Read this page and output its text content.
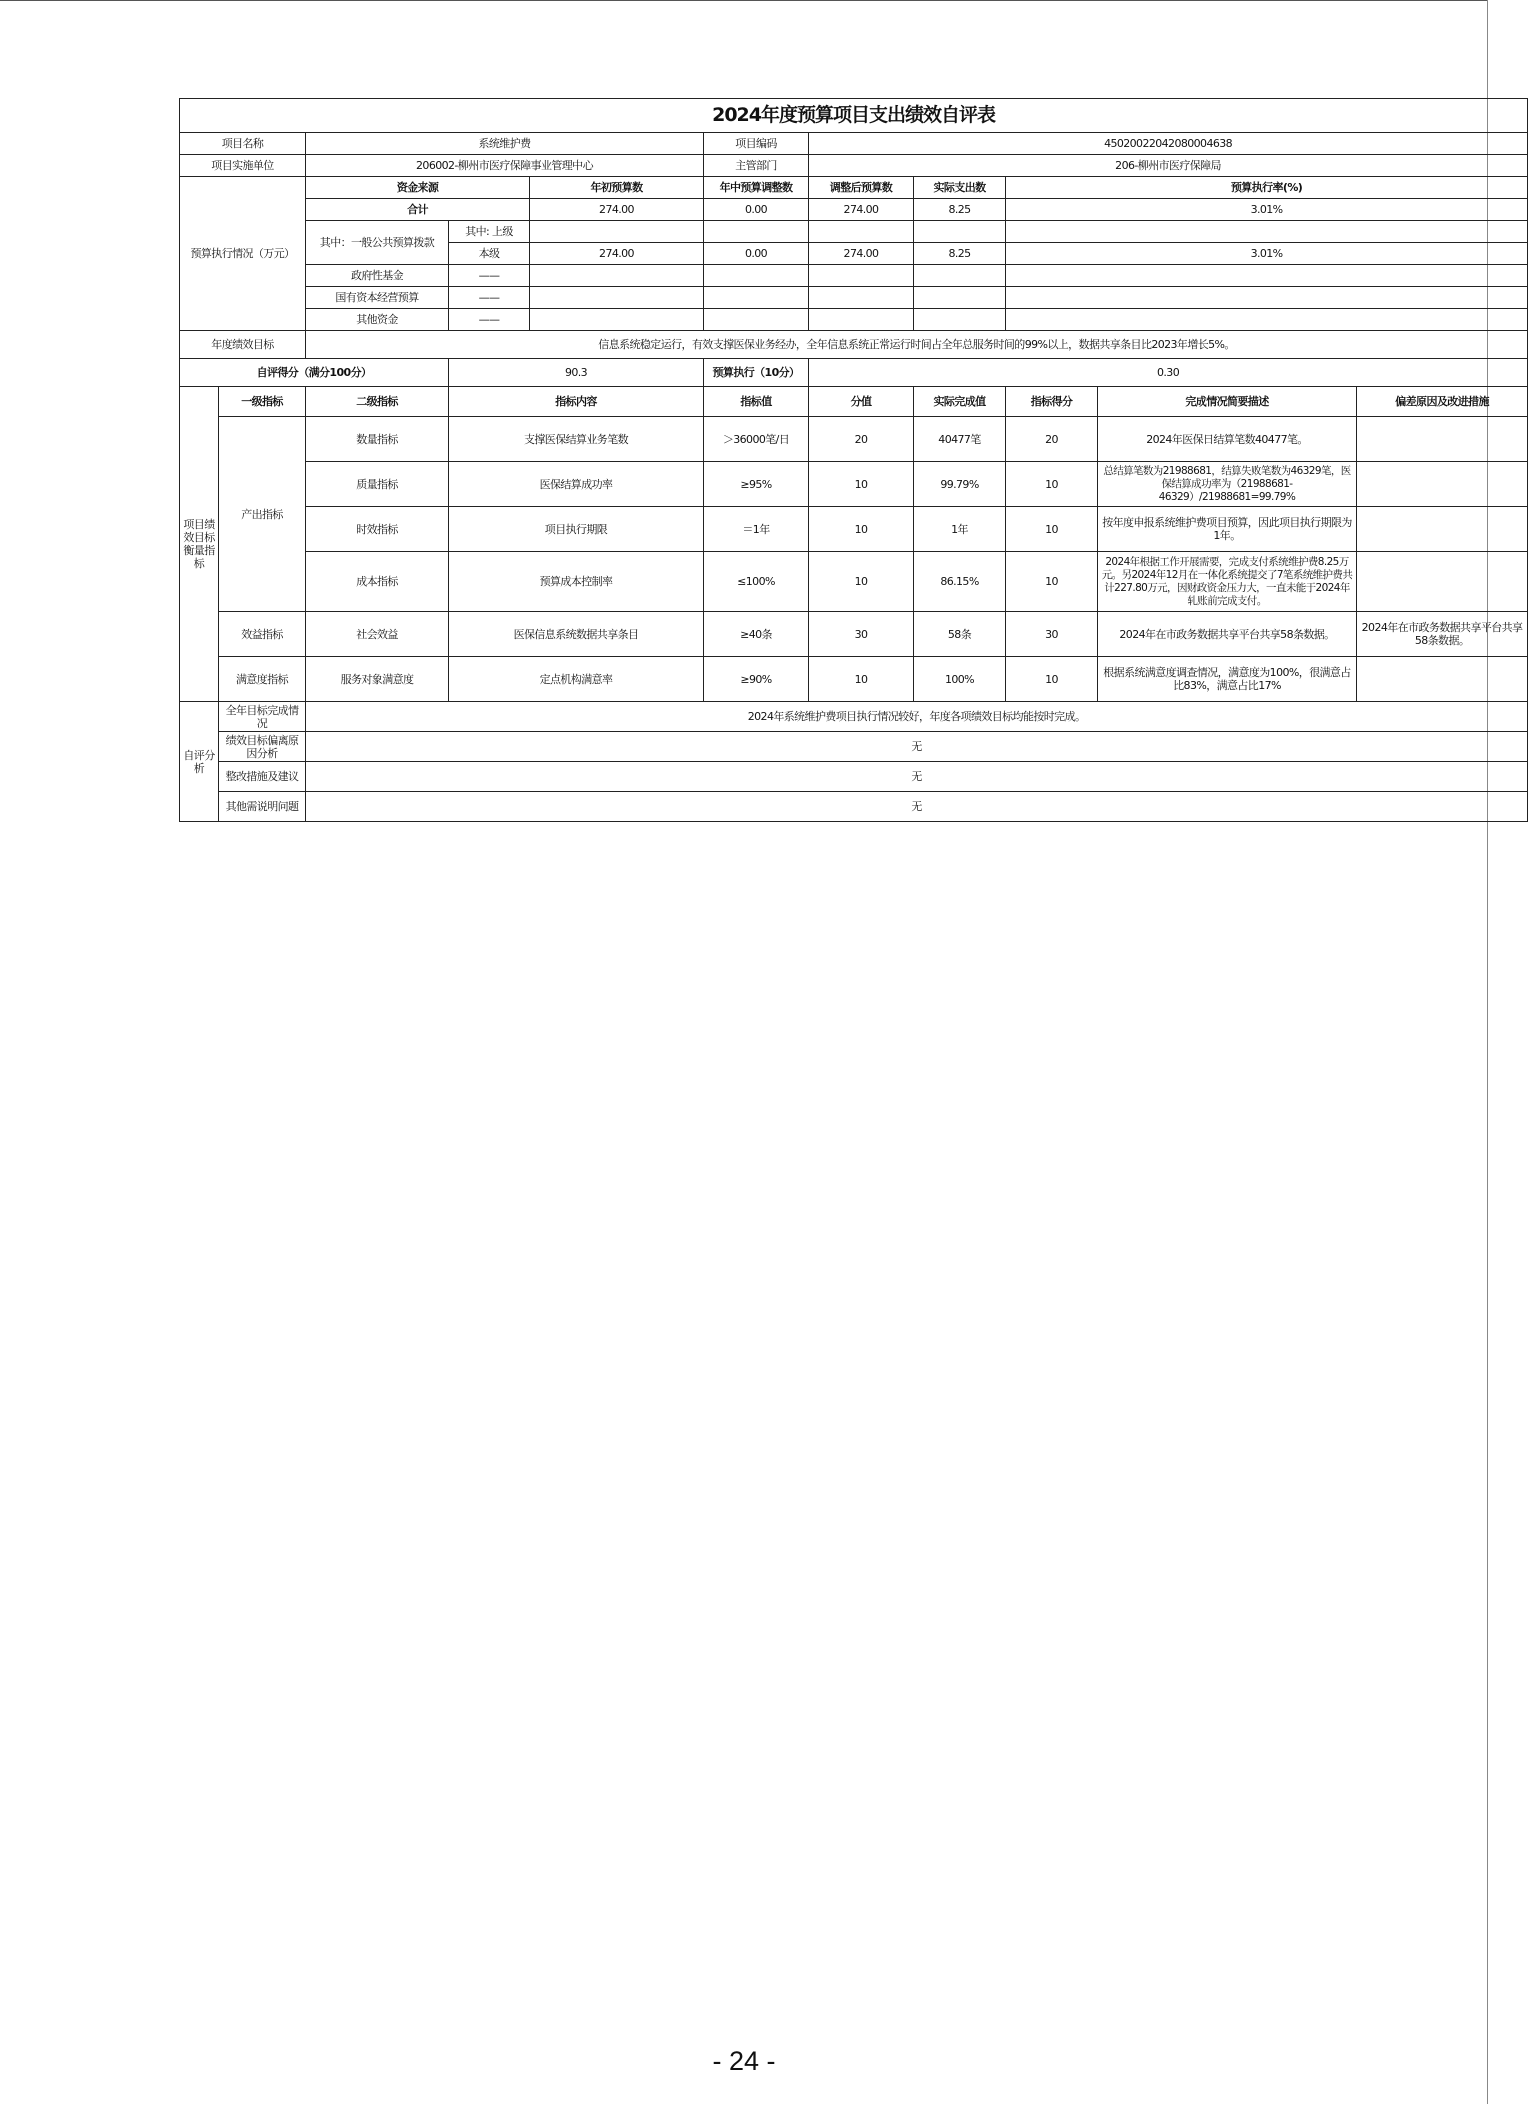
2024年度预算项目支出绩效自评表										
项目名称		系统维护费			项目编码	45020022042080004638				
项目实施单位		206002-柳州市医疗保障事业管理中心			主管部门	206-柳州市医疗保障局				
预算执行情况（万元）		资金来源		年初预算数	年中预算调整数	调整后预算数	实际支出数	预算执行率(%)		
		合计		274.00	0.00	274.00	8.25	3.01%		
		其中：一般公共预算拨款	其中: 上级							
			本级	274.00	0.00	274.00	8.25	3.01%		
		政府性基金	——							
		国有资本经营预算	——							
		其他资金	——							
年度绩效目标		信息系统稳定运行，有效支撑医保业务经办，全年信息系统正常运行时间占全年总服务时间的99%以上，数据共享条目比2023年增长5%。								
自评得分（满分100分）			90.3		预算执行（10分）	0.30				
项目绩效目标衡量指标	一级指标	二级指标	指标内容		指标值	分值	实际完成值	指标得分	完成情况简要描述	偏差原因及改进措施
	产出指标	数量指标	支撑医保结算业务笔数		＞36000笔/日	20	40477笔	20	2024年医保日结算笔数40477笔。	
		质量指标	医保结算成功率		≥95%	10	99.79%	10	总结算笔数为21988681，结算失败笔数为46329笔，医保结算成功率为（21988681-46329）/21988681=99.79%	
		时效指标	项目执行期限		＝1年	10	1年	10	按年度申报系统维护费项目预算，因此项目执行期限为1年。	
		成本指标	预算成本控制率		≤100%	10	86.15%	10	2024年根据工作开展需要，完成支付系统维护费8.25万元。另2024年12月在一体化系统提交了7笔系统维护费共计227.80万元，因财政资金压力大，一直未能于2024年轧账前完成支付。	
	效益指标	社会效益	医保信息系统数据共享条目		≥40条	30	58条	30	2024年在市政务数据共享平台共享58条数据。	2024年在市政务数据共享平台共享58条数据。
	满意度指标	服务对象满意度	定点机构满意率		≥90%	10	100%	10	根据系统满意度调查情况，满意度为100%，很满意占比83%，满意占比17%	
自评分析	全年目标完成情况	2024年系统维护费项目执行情况较好，年度各项绩效目标均能按时完成。								
	绩效目标偏离原因分析	无								
	整改措施及建议	无								
	其他需说明问题	无								
- 24 -
